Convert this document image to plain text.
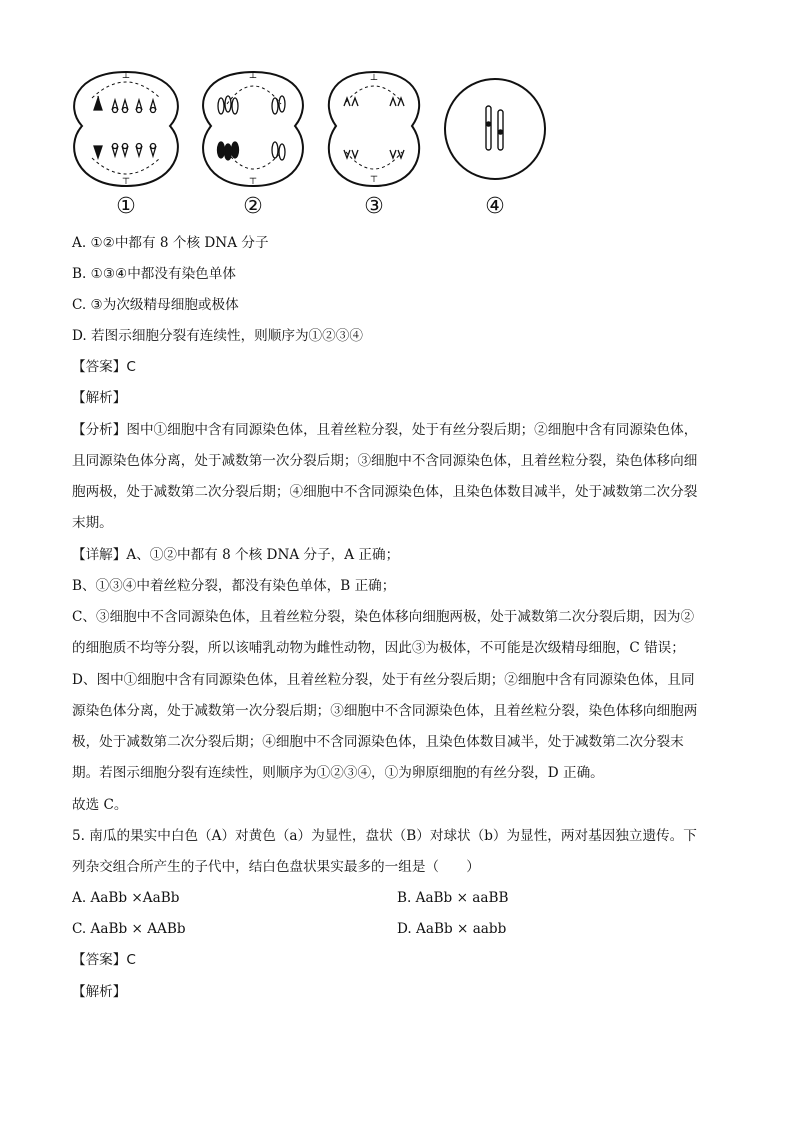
⊥
⊤
①
⊥
⊤
②
⊥
⊤
③	④
A. ①②中都有 8 个核 DNA 分子
B. ①③④中都没有染色单体
C. ③为次级精母细胞或极体
D. 若图示细胞分裂有连续性，则顺序为①②③④
【答案】C
【解析】
【分析】图中①细胞中含有同源染色体，且着丝粒分裂，处于有丝分裂后期；②细胞中含有同源染色体，
且同源染色体分离，处于减数第一次分裂后期；③细胞中不含同源染色体，且着丝粒分裂，染色体移向细
胞两极，处于减数第二次分裂后期；④细胞中不含同源染色体，且染色体数目减半，处于减数第二次分裂
末期。
【详解】A、①②中都有 8 个核 DNA 分子，A 正确；
B、①③④中着丝粒分裂，都没有染色单体，B 正确；
C、③细胞中不含同源染色体，且着丝粒分裂，染色体移向细胞两极，处于减数第二次分裂后期，因为②
的细胞质不均等分裂，所以该哺乳动物为雌性动物，因此③为极体，不可能是次级精母细胞，C 错误；
D、图中①细胞中含有同源染色体，且着丝粒分裂，处于有丝分裂后期；②细胞中含有同源染色体，且同
源染色体分离，处于减数第一次分裂后期；③细胞中不含同源染色体，且着丝粒分裂，染色体移向细胞两
极，处于减数第二次分裂后期；④细胞中不含同源染色体，且染色体数目减半，处于减数第二次分裂末
期。若图示细胞分裂有连续性，则顺序为①②③④，①为卵原细胞的有丝分裂，D 正确。
故选 C。
5. 南瓜的果实中白色（A）对黄色（a）为显性，盘状（B）对球状（b）为显性，两对基因独立遗传。下
列杂交组合所产生的子代中，结白色盘状果实最多的一组是（　　）
A. AaBb ×AaBb	B. AaBb × aaBB
C. AaBb × AABb	D. AaBb × aabb
【答案】C
【解析】
